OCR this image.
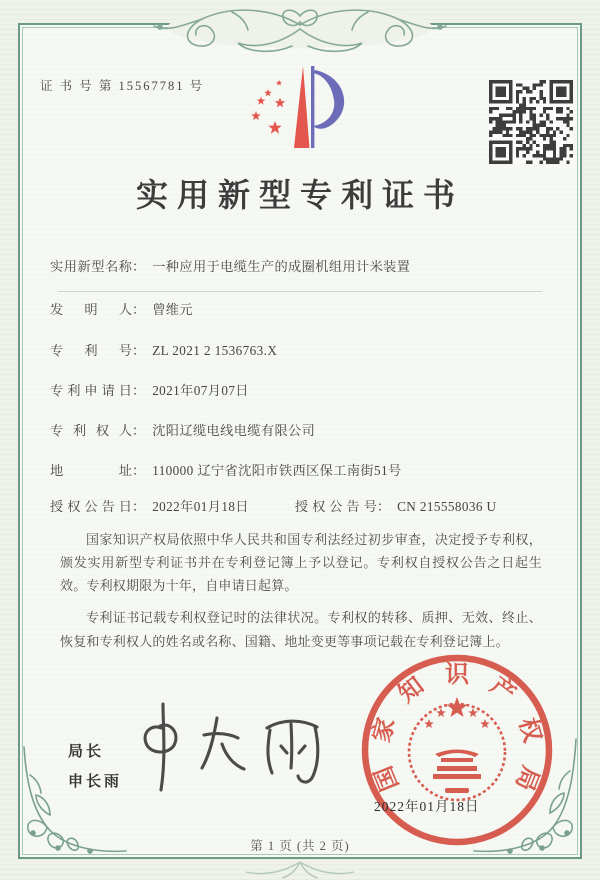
证 书 号 第 15567781 号
实用新型专利证书
实用新型名称： 一种应用于电缆生产的成圈机组用计米装置
发明人： 曾维元
专利号： ZL 2021 2 1536763.X
专利申请日： 2021年07月07日
专利权人： 沈阳辽缆电线电缆有限公司
地址： 110000 辽宁省沈阳市铁西区保工南街51号
授权公告日： 2022年01月18日	授权公告号： CN 215558036 U

国家知识产权局依照中华人民共和国专利法经过初步审查，决定授予专利权，颁发实用新型专利证书并在专利登记簿上予以登记。专利权自授权公告之日起生效。专利权期限为十年，自申请日起算。

专利证书记载专利权登记时的法律状况。专利权的转移、质押、无效、终止、恢复和专利权人的姓名或名称、国籍、地址变更等事项记载在专利登记簿上。

局长
申长雨	国
家
知 识 产
权
局
2022年01月18日
第 1 页 (共 2 页)
